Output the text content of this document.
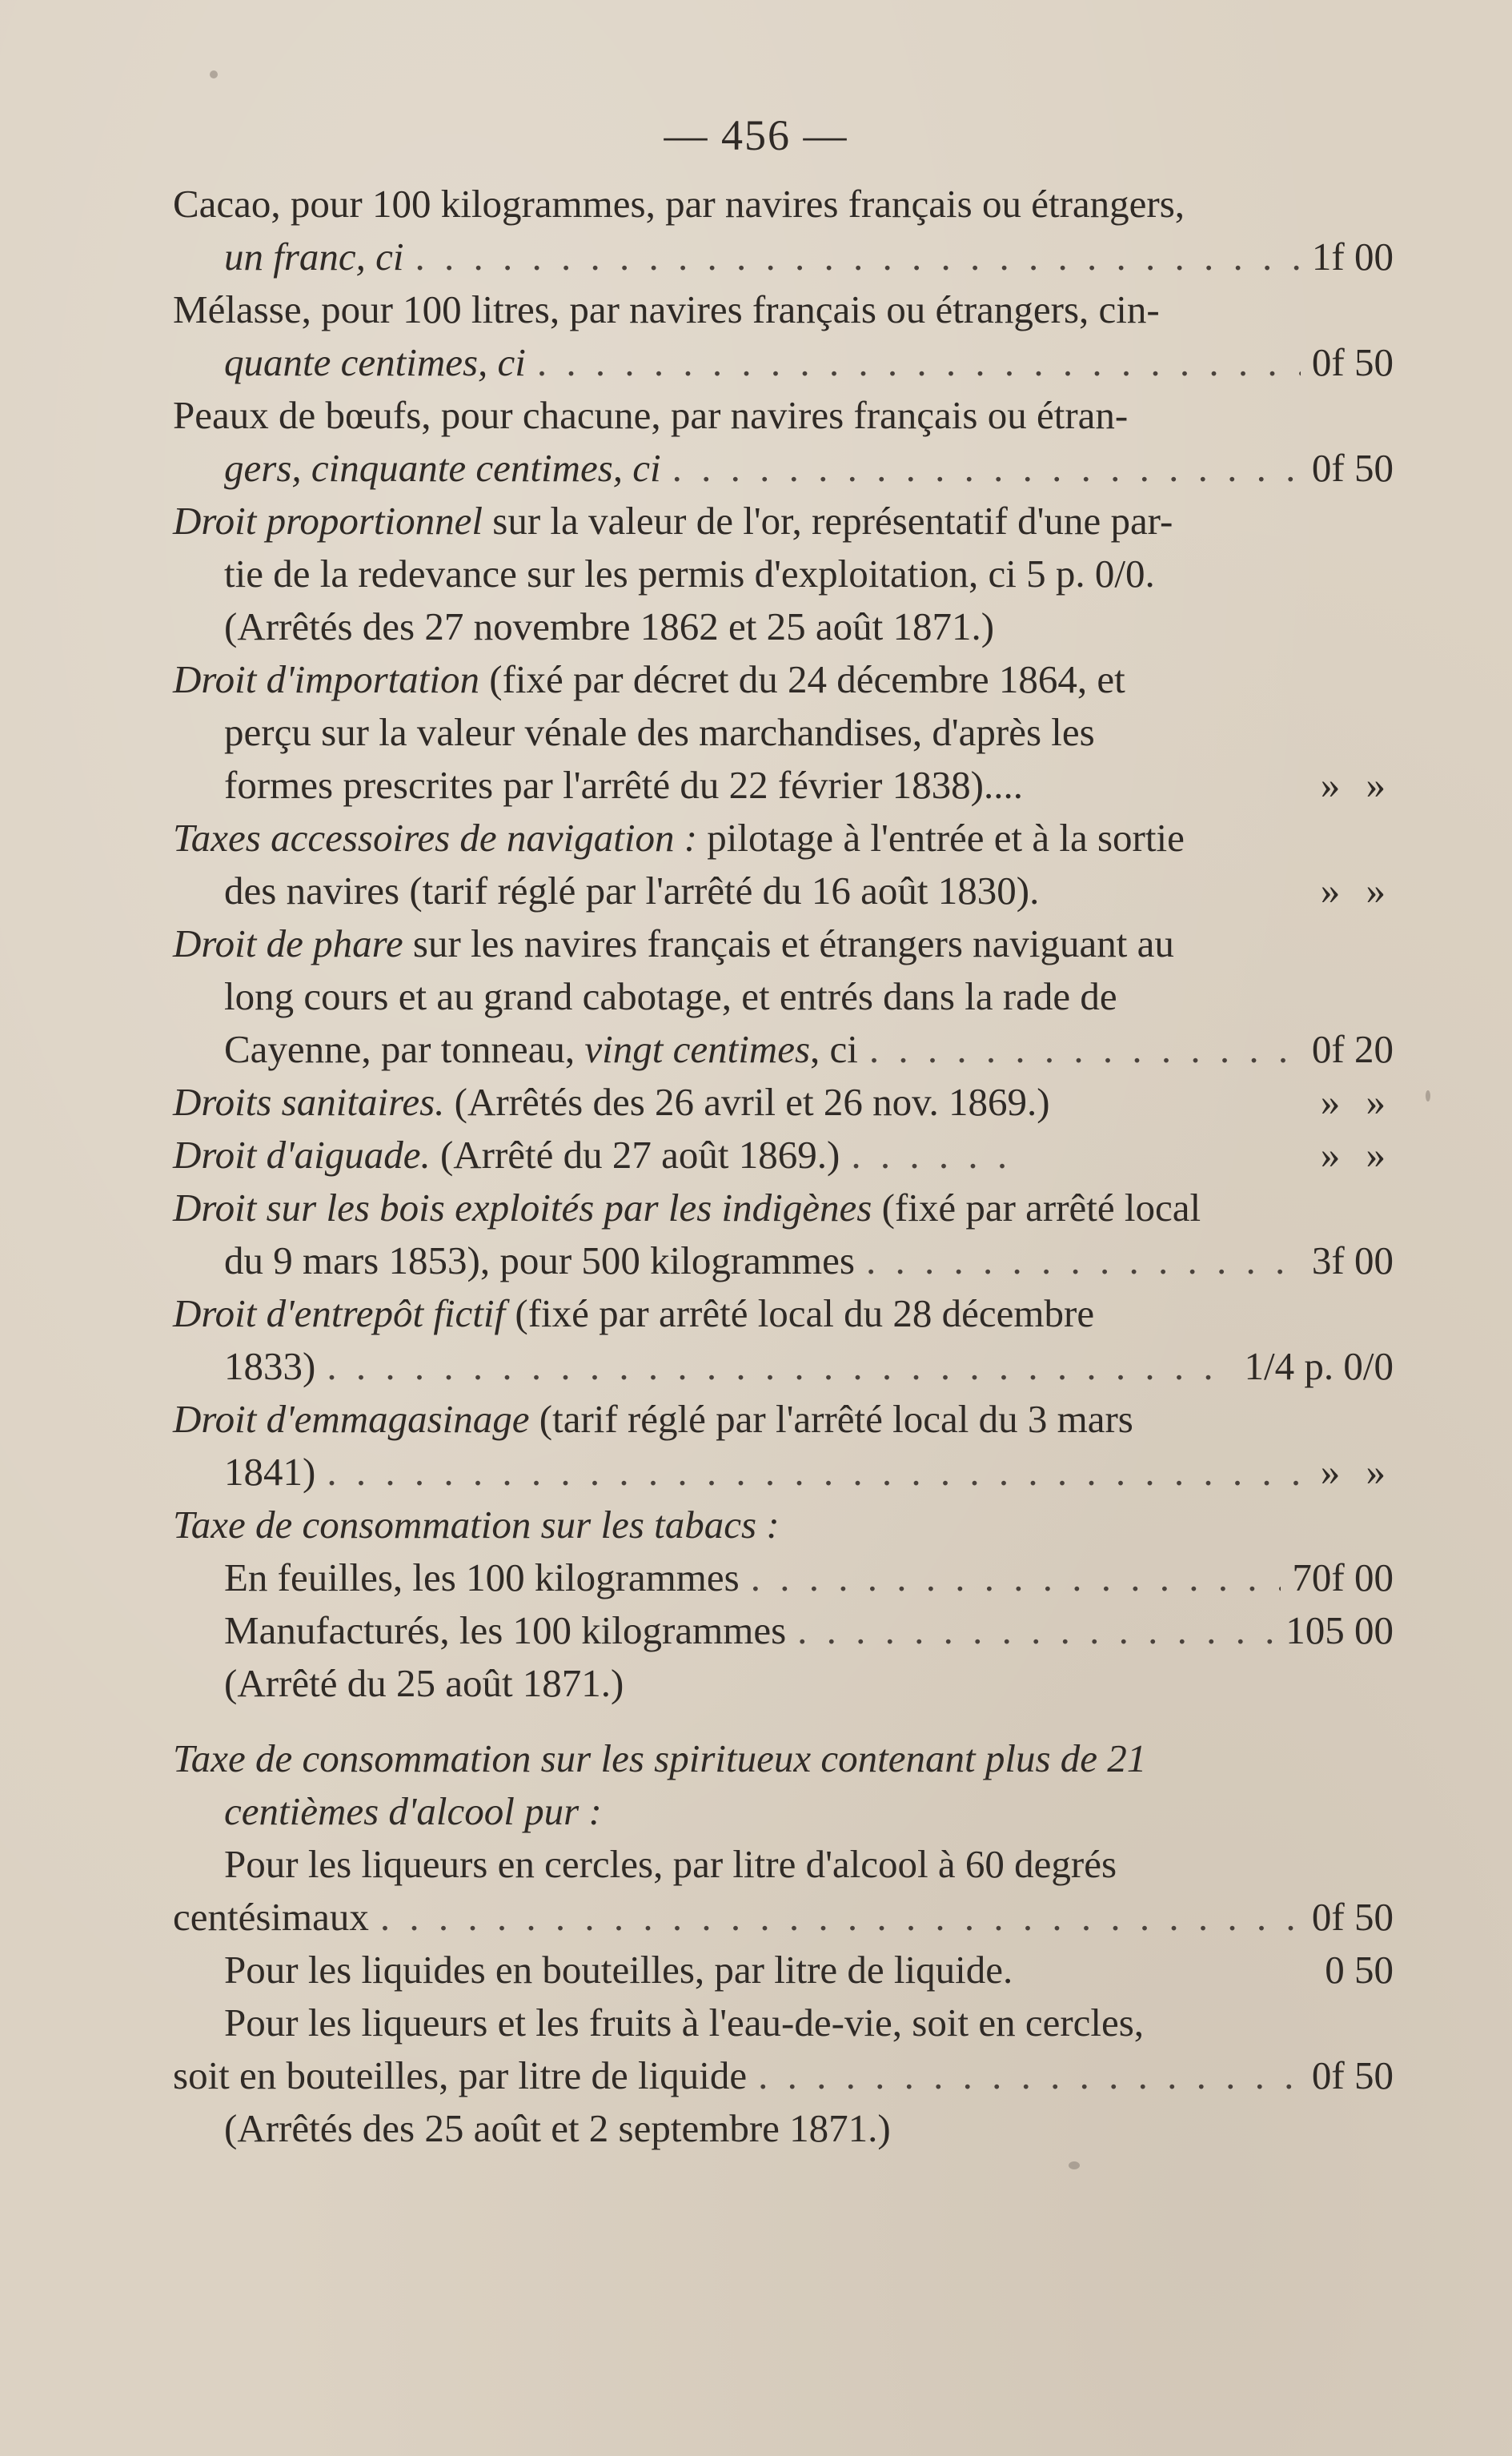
— 456 —
Cacao, pour 100 kilogrammes, par navires français ou étrangers,
un franc, ci . . .	1f 00
Mélasse, pour 100 litres, par navires français ou étrangers, cin-
quante centimes, ci . . .	0f 50
Peaux de bœufs, pour chacune, par navires français ou étran-
gers, cinquante centimes, ci . . .	0f 50
Droit proportionnel sur la valeur de l'or, représentatif d'une par-
tie de la redevance sur les permis d'exploitation, ci 5 p. 0/0.
(Arrêtés des 27 novembre 1862 et 25 août 1871.)
Droit d'importation (fixé par décret du 24 décembre 1864, et
perçu sur la valeur vénale des marchandises, d'après les
formes prescrites par l'arrêté du 22 février 1838)....	» »
Taxes accessoires de navigation : pilotage à l'entrée et à la sortie
des navires (tarif réglé par l'arrêté du 16 août 1830).	» »
Droit de phare sur les navires français et étrangers naviguant au
long cours et au grand cabotage, et entrés dans la rade de
Cayenne, par tonneau, vingt centimes , ci . . .	0f 20
Droits sanitaires. (Arrêtés des 26 avril et 26 nov. 1869.)	» »
Droit d'aiguade. (Arrêté du 27 août 1869.) . . .	» »
Droit sur les bois exploités par les indigènes (fixé par arrêté local
du 9 mars 1853), pour 500 kilogrammes . . .	3f 00
Droit d'entrepôt fictif (fixé par arrêté local du 28 décembre
1833) . . .	1/4 p. 0/0
Droit d'emmagasinage (tarif réglé par l'arrêté local du 3 mars
1841) . . .	» »
Taxe de consommation sur les tabacs :
En feuilles, les 100 kilogrammes . . .	70f 00
Manufacturés, les 100 kilogrammes . . .	105 00
(Arrêté du 25 août 1871.)
Taxe de consommation sur les spiritueux contenant plus de 21
centièmes d'alcool pur :
Pour les liqueurs en cercles, par litre d'alcool à 60 degrés
centésimaux . . .	0f 50
Pour les liquides en bouteilles, par litre de liquide.	0 50
Pour les liqueurs et les fruits à l'eau-de-vie, soit en cercles,
soit en bouteilles, par litre de liquide . . .	0f 50
(Arrêtés des 25 août et 2 septembre 1871.)
